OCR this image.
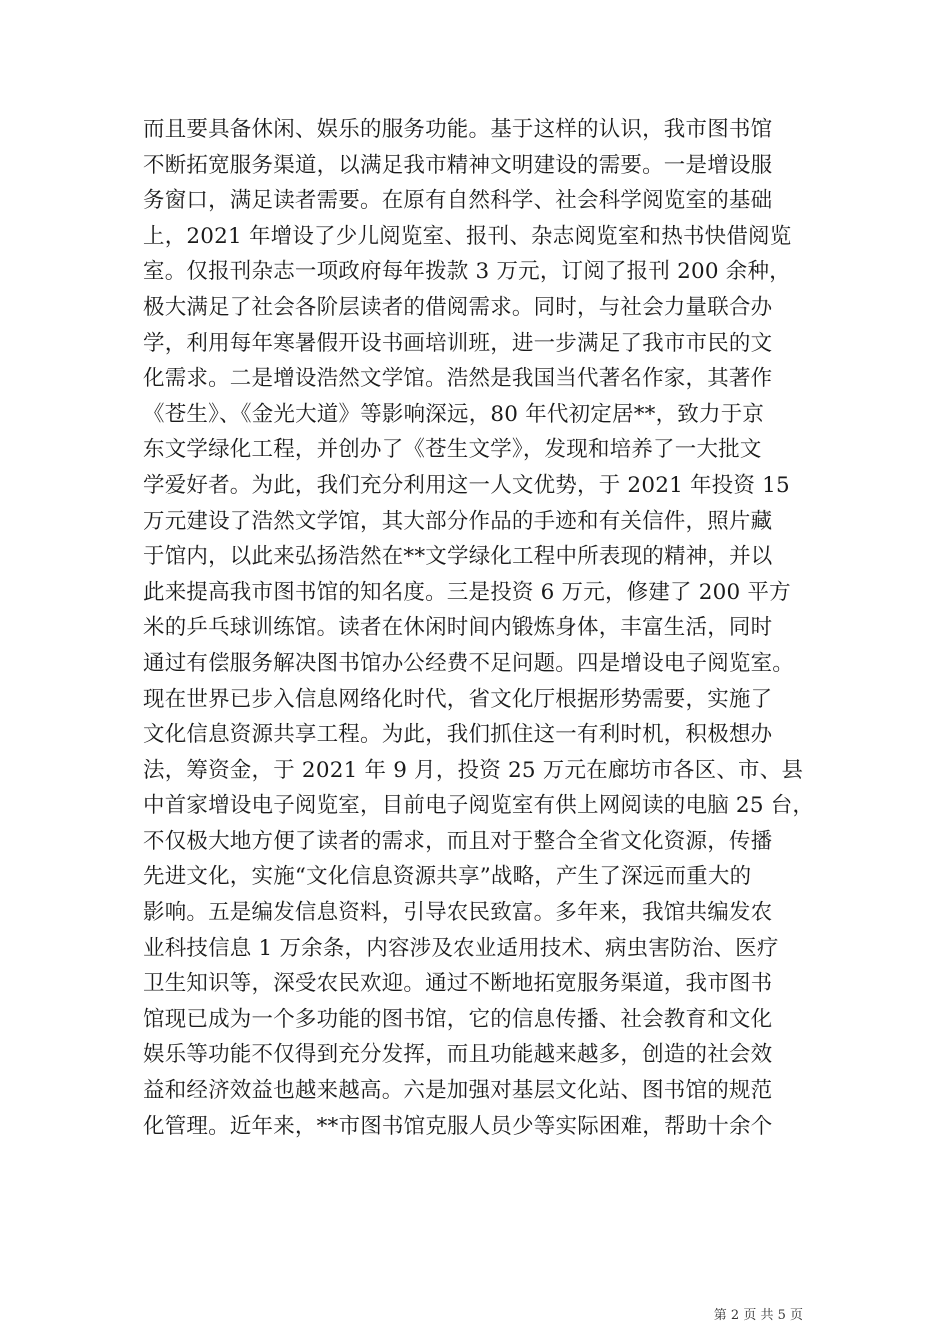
而且要具备休闲、娱乐的服务功能。基于这样的认识，我市图书馆
不断拓宽服务渠道，以满足我市精神文明建设的需要。一是增设服
务窗口，满足读者需要。在原有自然科学、社会科学阅览室的基础
上，2021 年增设了少儿阅览室、报刊、杂志阅览室和热书快借阅览
室。仅报刊杂志一项政府每年拨款 3 万元，订阅了报刊 200 余种，
极大满足了社会各阶层读者的借阅需求。同时，与社会力量联合办
学，利用每年寒暑假开设书画培训班，进一步满足了我市市民的文
化需求。二是增设浩然文学馆。浩然是我国当代著名作家，其著作
《苍生》、《金光大道》等影响深远，80 年代初定居**，致力于京
东文学绿化工程，并创办了《苍生文学》，发现和培养了一大批文
学爱好者。为此，我们充分利用这一人文优势，于 2021 年投资 15
万元建设了浩然文学馆，其大部分作品的手迹和有关信件，照片藏
于馆内，以此来弘扬浩然在**文学绿化工程中所表现的精神，并以
此来提高我市图书馆的知名度。三是投资 6 万元，修建了 200 平方
米的乒乓球训练馆。读者在休闲时间内锻炼身体，丰富生活，同时
通过有偿服务解决图书馆办公经费不足问题。四是增设电子阅览室。
现在世界已步入信息网络化时代，省文化厅根据形势需要，实施了
文化信息资源共享工程。为此，我们抓住这一有利时机，积极想办
法，筹资金，于 2021 年 9 月，投资 25 万元在廊坊市各区、市、县
中首家增设电子阅览室，目前电子阅览室有供上网阅读的电脑 25 台，
不仅极大地方便了读者的需求，而且对于整合全省文化资源，传播
先进文化，实施“文化信息资源共享”战略，产生了深远而重大的
影响。五是编发信息资料，引导农民致富。多年来，我馆共编发农
业科技信息 1 万余条，内容涉及农业适用技术、病虫害防治、医疗
卫生知识等，深受农民欢迎。通过不断地拓宽服务渠道，我市图书
馆现已成为一个多功能的图书馆，它的信息传播、社会教育和文化
娱乐等功能不仅得到充分发挥，而且功能越来越多，创造的社会效
益和经济效益也越来越高。六是加强对基层文化站、图书馆的规范
化管理。近年来，**市图书馆克服人员少等实际困难，帮助十余个
第 2 页 共 5 页
